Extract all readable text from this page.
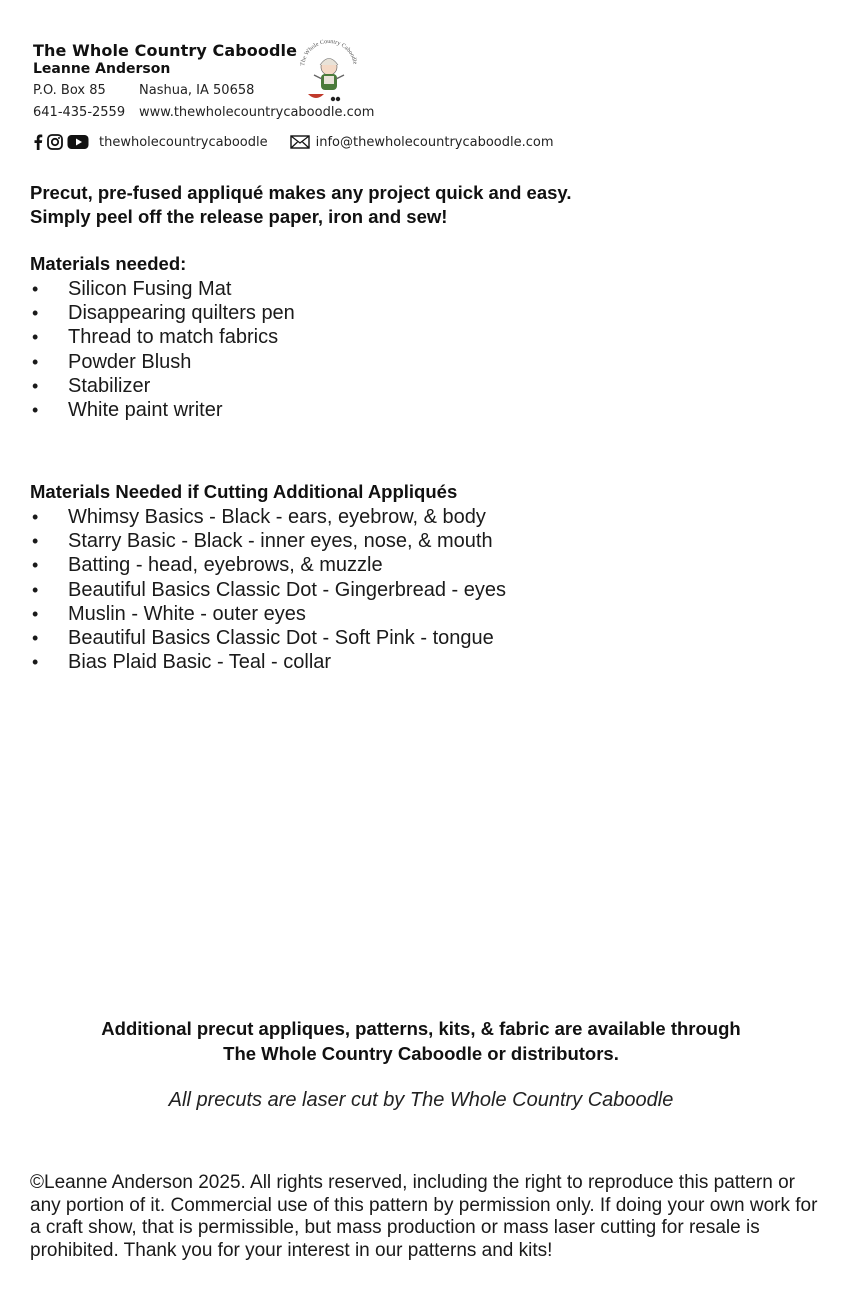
The Whole Country Caboodle
Leanne Anderson
P.O. Box 85	Nashua, IA 50658
641-435-2559 www.thewholecountrycaboodle.com
thewholecountrycaboodle	info@thewholecountrycaboodle.com
The Whole Country Caboodle
Precut, pre-fused appliqué makes any project quick and easy.
Simply peel off the release paper, iron and sew!
Materials needed:
• Silicon Fusing Mat
• Disappearing quilters pen
• Thread to match fabrics
• Powder Blush
• Stabilizer
• White paint writer
Materials Needed if Cutting Additional Appliqués
• Whimsy Basics - Black - ears, eyebrow, & body
• Starry Basic - Black - inner eyes, nose, & mouth
• Batting - head, eyebrows, & muzzle
• Beautiful Basics Classic Dot - Gingerbread - eyes
• Muslin - White - outer eyes
• Beautiful Basics Classic Dot - Soft Pink - tongue
• Bias Plaid Basic - Teal - collar
Additional precut appliques, patterns, kits, & fabric are available through
The Whole Country Caboodle or distributors.
All precuts are laser cut by The Whole Country Caboodle
©Leanne Anderson 2025. All rights reserved, including the right to reproduce this pattern or any portion of it. Commercial use of this pattern by permission only. If doing your own work for a craft show, that is permissible, but mass production or mass laser cutting for resale is prohibited. Thank you for your interest in our patterns and kits!
